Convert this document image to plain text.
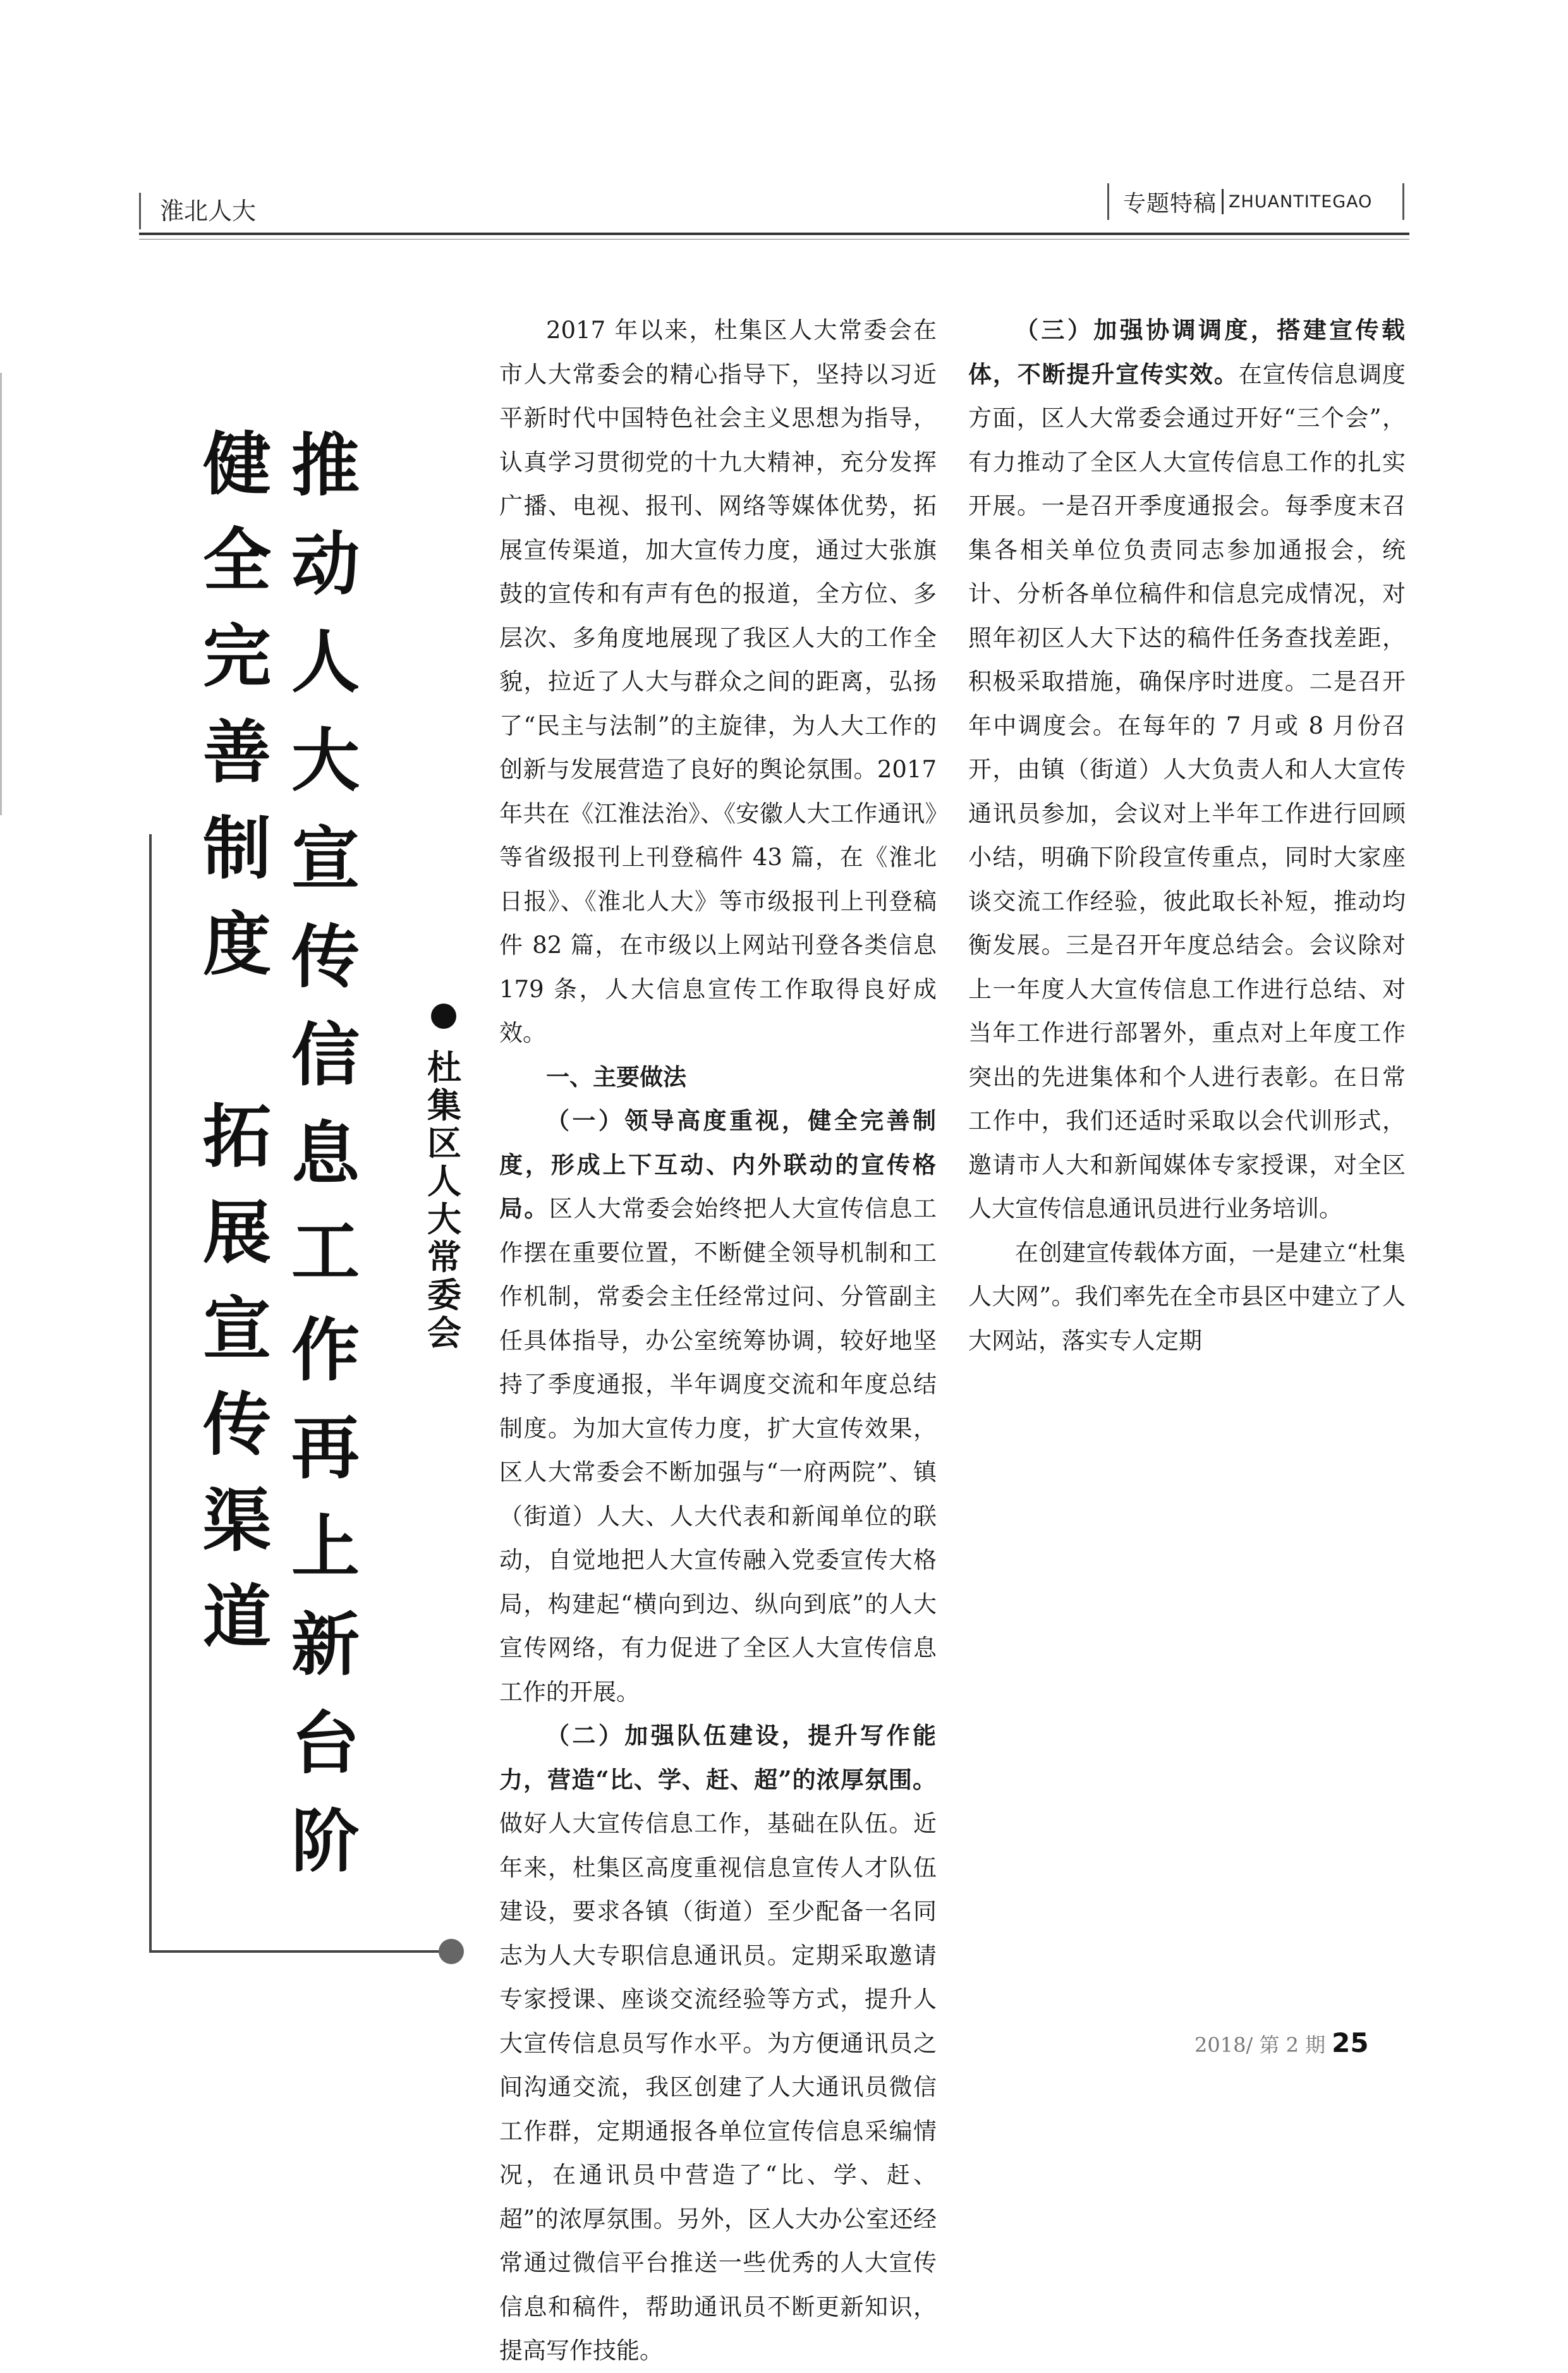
淮北人大	专题特稿 ZHUANTITEGAO
推
动
人
大
宣
传
信
息
工
作
再
上
新
台
阶
健
全
完
善
制
度
拓
展
宣
传
渠
道
杜
集
区
人
大
常
委
会

2017 年以来，杜集区人大常委会在市人大常委会的精心指导下，坚持以习近平新时代中国特色社会主义思想为指导，认真学习贯彻党的十九大精神，充分发挥广播、电视、报刊、网络等媒体优势，拓展宣传渠道，加大宣传力度，通过大张旗鼓的宣传和有声有色的报道，全方位、多层次、多角度地展现了我区人大的工作全貌，拉近了人大与群众之间的距离，弘扬了“民主与法制”的主旋律，为人大工作的创新与发展营造了良好的舆论氛围。2017 年共在《江淮法治》、《安徽人大工作通讯》等省级报刊上刊登稿件 43 篇，在《淮北日报》、《淮北人大》等市级报刊上刊登稿件 82 篇，在市级以上网站刊登各类信息 179 条，人大信息宣传工作取得良好成效。

一、主要做法

（一）领导高度重视，健全完善制度，形成上下互动、内外联动的宣传格局。区人大常委会始终把人大宣传信息工作摆在重要位置，不断健全领导机制和工作机制，常委会主任经常过问、分管副主任具体指导，办公室统筹协调，较好地坚持了季度通报，半年调度交流和年度总结制度。为加大宣传力度，扩大宣传效果，区人大常委会不断加强与“一府两院”、镇（街道）人大、人大代表和新闻单位的联动，自觉地把人大宣传融入党委宣传大格局，构建起“横向到边、纵向到底”的人大宣传网络，有力促进了全区人大宣传信息工作的开展。

（二）加强队伍建设，提升写作能力，营造“比、学、赶、超”的浓厚氛围。做好人大宣传信息工作，基础在队伍。近年来，杜集区高度重视信息宣传人才队伍建设，要求各镇（街道）至少配备一名同志为人大专职信息通讯员。定期采取邀请专家授课、座谈交流经验等方式，提升人大宣传信息员写作水平。为方便通讯员之间沟通交流，我区创建了人大通讯员微信工作群，定期通报各单位宣传信息采编情况，在通讯员中营造了“比、学、赶、超”的浓厚氛围。另外，区人大办公室还经常通过微信平台推送一些优秀的人大宣传信息和稿件，帮助通讯员不断更新知识，提高写作技能。

（三）加强协调调度，搭建宣传载体，不断提升宣传实效。在宣传信息调度方面，区人大常委会通过开好“三个会”，有力推动了全区人大宣传信息工作的扎实开展。一是召开季度通报会。每季度末召集各相关单位负责同志参加通报会，统计、分析各单位稿件和信息完成情况，对照年初区人大下达的稿件任务查找差距，积极采取措施，确保序时进度。二是召开年中调度会。在每年的 7 月或 8 月份召开，由镇（街道）人大负责人和人大宣传通讯员参加，会议对上半年工作进行回顾小结，明确下阶段宣传重点，同时大家座谈交流工作经验，彼此取长补短，推动均衡发展。三是召开年度总结会。会议除对上一年度人大宣传信息工作进行总结、对当年工作进行部署外，重点对上年度工作突出的先进集体和个人进行表彰。在日常工作中，我们还适时采取以会代训形式，邀请市人大和新闻媒体专家授课，对全区人大宣传信息通讯员进行业务培训。

在创建宣传载体方面，一是建立“杜集人大网”。我们率先在全市县区中建立了人大网站，落实专人定期

2018/ 第 2 期 25
